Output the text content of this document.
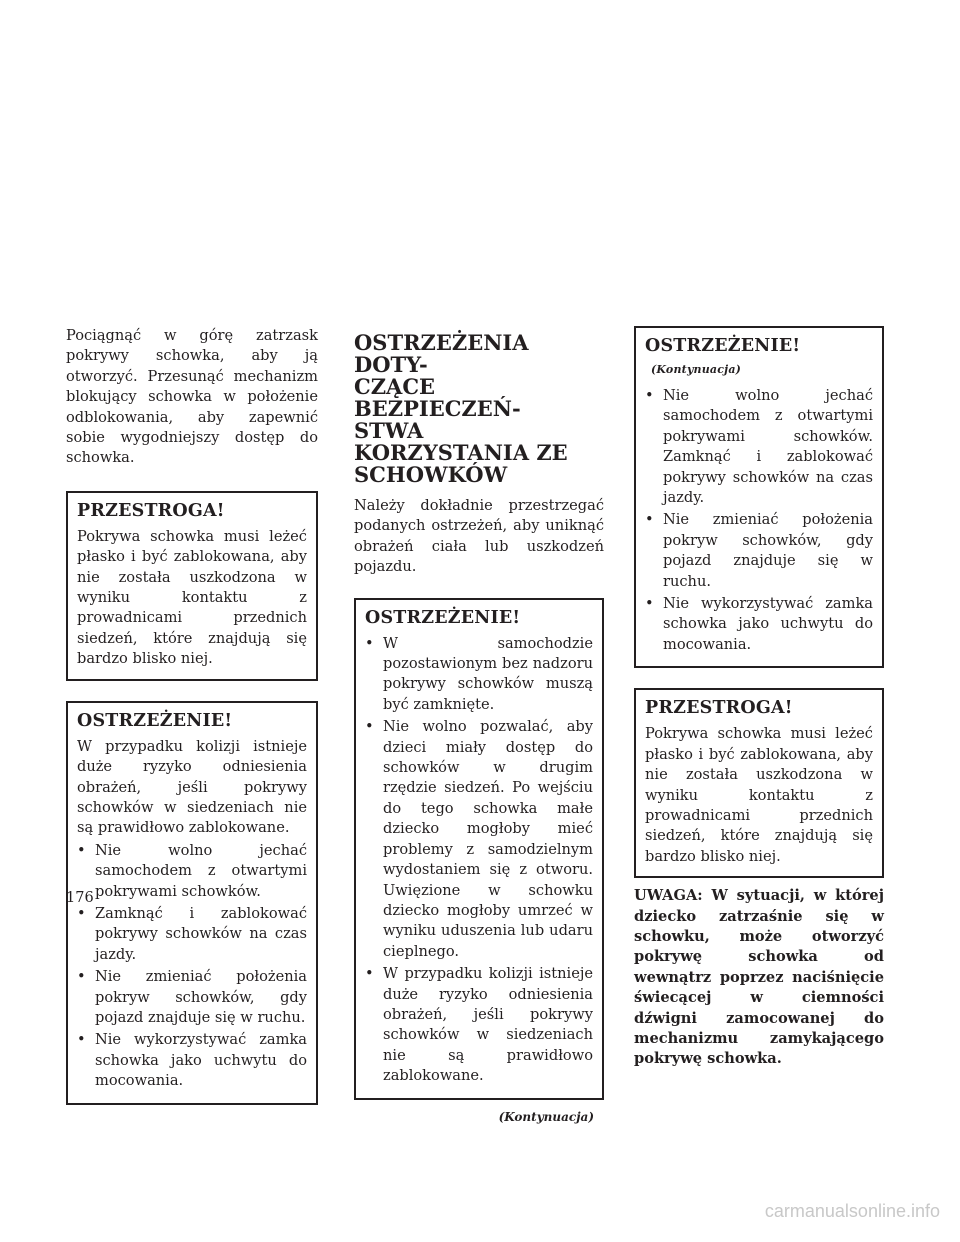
Pociągnąć w górę zatrzask pokrywy schowka, aby ją otworzyć. Przesunąć mechanizm blokujący schowka w położenie odblokowania, aby zapewnić sobie wygodniejszy dostęp do schowka.

PRZESTROGA!

Pokrywa schowka musi leżeć płasko i być zablokowana, aby nie została uszkodzona w wyniku kontaktu z prowadnicami przednich siedzeń, które znajdują się bardzo blisko niej.

OSTRZEŻENIE!

W przypadku kolizji istnieje duże ryzyko odniesienia obrażeń, jeśli pokrywy schowków w siedzeniach nie są prawidłowo zablokowane.

• Nie wolno jechać samochodem z otwartymi pokrywami schowków.
• Zamknąć i zablokować pokrywy schowków na czas jazdy.
• Nie zmieniać położenia pokryw schowków, gdy pojazd znajduje się w ruchu.
• Nie wykorzystywać zamka schowka jako uchwytu do mocowania.
OSTRZEŻENIA DOTY-
CZĄCE BEZPIECZEŃ-
STWA KORZYSTANIA ZE
SCHOWKÓW

Należy dokładnie przestrzegać podanych ostrzeżeń, aby uniknąć obrażeń ciała lub uszkodzeń pojazdu.

OSTRZEŻENIE!
• W samochodzie pozostawionym bez nadzoru pokrywy schowków muszą być zamknięte.
• Nie wolno pozwalać, aby dzieci miały dostęp do schowków w drugim rzędzie siedzeń. Po wejściu do tego schowka małe dziecko mogłoby mieć problemy z samodzielnym wydostaniem się z otworu. Uwięzione w schowku dziecko mogłoby umrzeć w wyniku uduszenia lub udaru cieplnego.
• W przypadku kolizji istnieje duże ryzyko odniesienia obrażeń, jeśli pokrywy schowków w siedzeniach nie są prawidłowo zablokowane.
(Kontynuacja)
OSTRZEŻENIE!(Kontynuacja)
• Nie wolno jechać samochodem z otwartymi pokrywami schowków. Zamknąć i zablokować pokrywy schowków na czas jazdy.
• Nie zmieniać położenia pokryw schowków, gdy pojazd znajduje się w ruchu.
• Nie wykorzystywać zamka schowka jako uchwytu do mocowania.
PRZESTROGA!

Pokrywa schowka musi leżeć płasko i być zablokowana, aby nie została uszkodzona w wyniku kontaktu z prowadnicami przednich siedzeń, które znajdują się bardzo blisko niej.

UWAGA: W sytuacji, w której dziecko zatrzaśnie się w schowku, może otworzyć pokrywę schowka od wewnątrz poprzez naciśnięcie świecącej w ciemności dźwigni zamocowanej do mechanizmu zamykającego pokrywę schowka.

176
carmanualsonline.info
